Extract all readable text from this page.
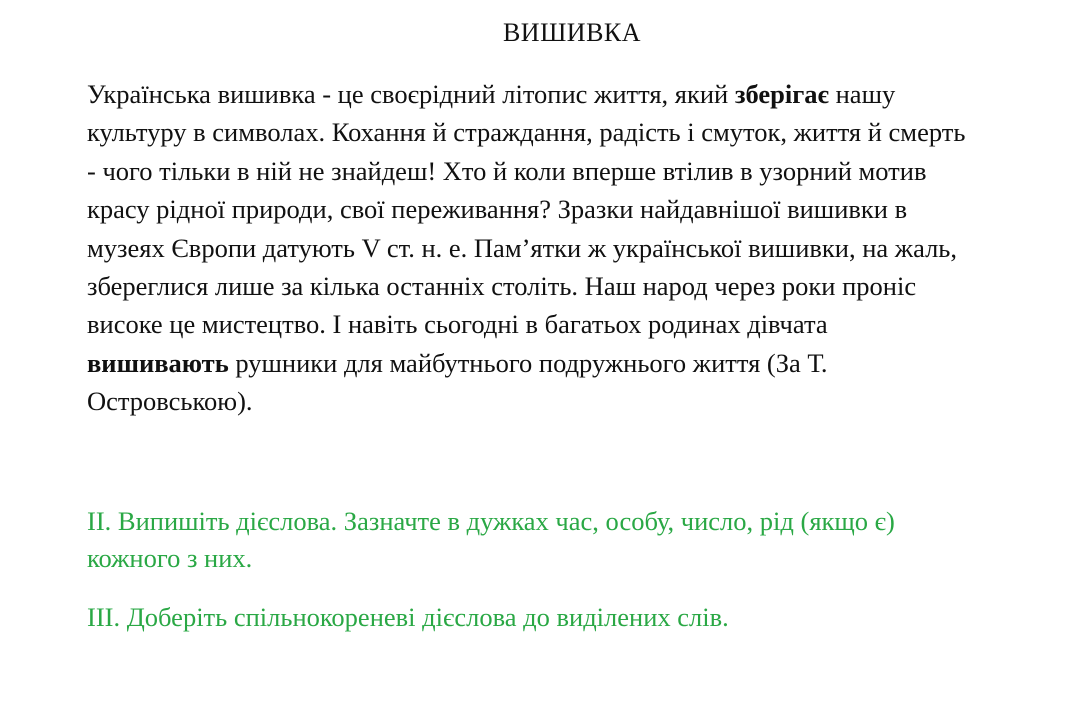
ВИШИВКА
Українська вишивка - це своєрідний літопис життя, який зберігає нашу
культуру в символах. Кохання й страждання, радість і смуток, життя й смерть
- чого тільки в ній не знайдеш! Хто й коли вперше втілив в узорний мотив
красу рідної природи, свої переживання? Зразки найдавнішої вишивки в
музеях Європи датують V ст. н. е. Пам’ятки ж української вишивки, на жаль,
збереглися лише за кілька останніх століть. Наш народ через роки проніс
високе це мистецтво. І навіть сьогодні в багатьох родинах дівчата
вишивають рушники для майбутнього подружнього життя (За Т.
Островською).
II. Випишіть дієслова. Зазначте в дужках час, особу, число, рід (якщо є)
кожного з них.
III. Доберіть спільнокореневі дієслова до виділених слів.
